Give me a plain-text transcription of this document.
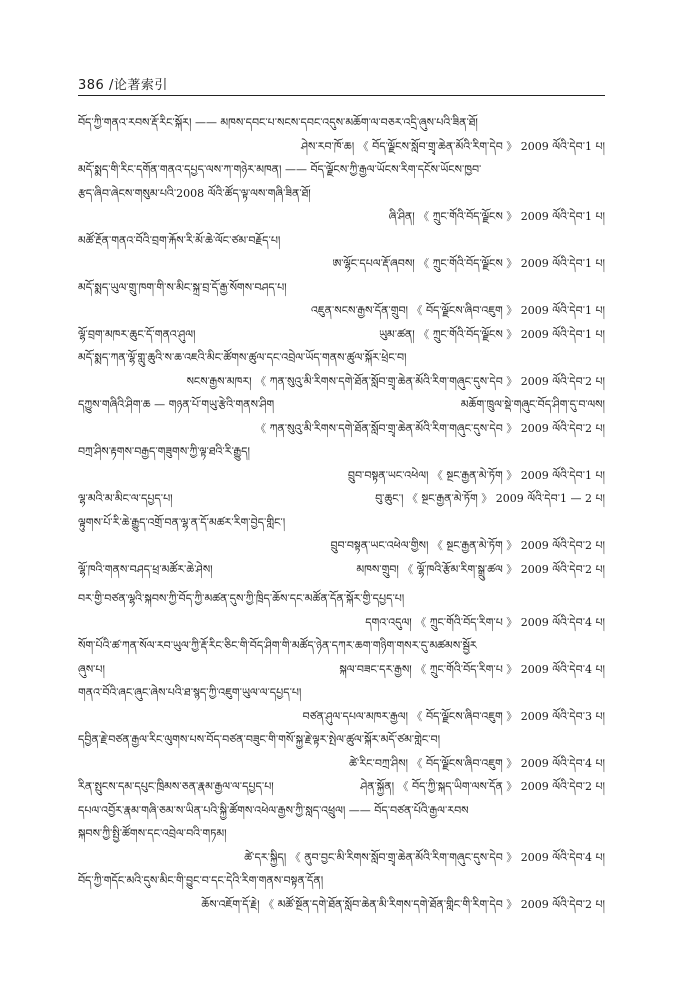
386 /论著索引
བོད་ཀྱི་གནའ་རབས་རྡོ་རིང་སྐོར། —— མཁས་དབང་པ་སངས་དབང་འདུས་མཆོག་ལ་བཅར་འདྲི་ཞུས་པའི་ཟིན་ཐོ།
ཤེས་རབ་ཁོ་ཆ། 《 བོད་ལྗོངས་སློབ་གྲྭ་ཆེན་མོའི་རིག་དེབ 》 2009 ལོའི་དེབ་1 པ།
མདོ་སྨད་གི་རིང་དགོན་གནའ་དཔྱད་ལས་ཀ་གཉེར་མཁན། —— བོད་ལྗོངས་ཀྱི་རྒྱལ་ཡོངས་རིག་དངོས་ཡོངས་ཁྱབ་
རྩད་ཞིབ་ཞེངས་གསུམ་པའི་2008 ལོའི་ཚོད་ལྟ་ལས་གཞི་ཟིན་ཐོ།
ཞི་ཤིན། 《 ཀྲུང་གོའི་བོད་ལྗོངས 》 2009 ལོའི་དེབ་1 པ།
མཚོ་རྔོན་གནའ་བོའི་བྲག་རྐོས་རི་མོ་ཆེ་ལོང་ཙམ་བརྗོད་པ།
ཨ་ལྷོང་དཔལ་རྡོ་ཞབས། 《 ཀྲུང་གོའི་བོད་ལྗོངས 》 2009 ལོའི་དེབ་1 པ།
མདོ་སྨད་ཡུལ་གྲུ་ཁག་གི་ས་མིང་སྐྲ་བྲ་དོ་རྒྱ་སོགས་བཤད་པ།
འཇུན་སངས་རྒྱས་དོན་གྲུབ། 《 བོད་ལྗོངས་ཞིབ་འཇུག 》 2009 ལོའི་དེབ་1 པ།
ལྷོ་བྲག་མཁར་ཆུང་དོ་གནའ་ཤུལ།	ཡུམ་ཚན། 《 ཀྲུང་གོའི་བོད་ལྗོངས 》 2009 ལོའི་དེབ་1 པ།
མདོ་སྨད་ཀན་ལྷོ་གླུ་ཆུའི་ས་ཆ་འཇའི་མིང་ཚོགས་ཚུལ་དང་འབྲེལ་ཡོད་གནས་ཚུལ་སྐོར་ཕྲེང་བ།
སངས་རྒྱས་མཁར། 《 ཀན་སུའུ་མི་རིགས་དགེ་ཐོན་སློབ་གྲྭ་ཆེན་མོའི་རིག་གཞུང་དུས་དེབ 》 2009 ལོའི་དེབ་2 པ།
དཀྱུས་གཞིའི་ཤིག་ཆ — གཉན་པོ་གཡུ་རྩེའི་གནས་ཤིག	མཆོག་ཁྲུལ་སྡེ་གཞུང་བོད་ཤིག་དུ་བ་ལས།
《 ཀན་སུའུ་མི་རིགས་དགེ་ཐོན་སློབ་གྲྭ་ཆེན་མོའི་རིག་གཞུང་དུས་དེབ 》 2009 ལོའི་དེབ་2 པ།
བཀྲ་ཤིས་རྟགས་བརྒྱད་གཟུགས་ཀྱི་ལྟ་ཐའི་རི་རྒྱུད།
བྲུབ་བསྟན་ཡང་འཕེལ། 《 སྔང་རྒྱན་མེ་ཏོག 》 2009 ལོའི་དེབ་1 པ།
ལྷ་མའི་མ་མིང་ལ་དཔྱད་པ།	བུ་ཆུང་། 《 སྔང་རྒྱན་མེ་ཏོག 》 2009 ལོའི་དེབ་1 — 2 པ།
ལྟུགས་པོ་རི་ཆེ་རྒྱུད་འགྲོ་བན་ལྷ་ན་དོ་མཚར་རིག་བྱེད་གླིང་།
བྲུབ་བསྟན་ཡང་འཕེལ་གྱིས། 《 སྔང་རྒྱན་མེ་ཏོག 》 2009 ལོའི་དེབ་2 པ།
ལྷོ་ཁའི་གནས་བཤད་ཕྲ་མཚོར་ཆེ་ཤེས།	མཁས་གྲུབ། 《 ལྷོ་ཁའི་རྩོམ་རིག་སྒྲུ་ཚལ 》 2009 ལོའི་དེབ་2 པ།
བར་གྱི་བཙན་ལྷའི་སྐབས་ཀྱི་བོད་ཀྱི་མཚན་དུས་ཀྱི་ཁྲིད་ཆོས་དང་མཚོན་དོན་སྐོར་གྱི་དཔྱད་པ།
དགའ་འདུལ། 《 ཀྲུང་གོའི་བོད་རིག་པ 》 2009 ལོའི་དེབ་4 པ།
སོག་པོའི་ཚ་ཀན་སོལ་རབ་ཡུལ་ཀྱི་རྡོ་རིང་ཅིང་གི་བོད་ཤིག་གི་མཚོད་ཉེན་དཀར་ཆག་གཉིག་གསར་དུ་མཚམས་སྦྱོར
ཞུས་པ།	སྐལ་བཟང་དར་རྒྱས། 《 ཀྲུང་གོའི་བོད་རིག་པ 》 2009 ལོའི་དེབ་4 པ།
གནའ་བོའི་ཞང་ཞུང་ཞེས་པའི་ཐ་སྙད་ཀྱི་འཇུག་ཡུལ་ལ་དཔྱད་པ།
བཙན་ཤུལ་དཔལ་མཁར་རྒྱལ། 《 བོད་ལྗོངས་ཞིབ་འཇུག 》 2009 ལོའི་དེབ་3 པ།
དབྱིན་རྗེ་བཙན་རྒྱལ་རིང་ལུགས་པས་བོད་བཙན་བཟུང་གི་གསོ་སྐྱ་རྗེ་ལྟར་སྤེལ་ཚུལ་སྐོར་མདོ་ཙམ་གླེང་བ།
ཚེ་རིང་བཀྲ་ཤིས། 《 བོད་ལྗོངས་ཞིབ་འཇུག 》 2009 ལོའི་དེབ་4 པ།
རིན་སྤུངས་དམ་དཔུང་ཁྲིམས་ཅན་རྣམ་རྒྱལ་ལ་དཔྱད་པ།	ཤེན་སྐྱོན། 《 བོད་ཀྱི་སྐད་ཡིག་ལས་དོན 》 2009 ལོའི་དེབ་2 པ།
དཔལ་འབྱོར་རྣམ་གཞི་ཅམ་ས་ཡིན་པའི་སྐྱི་ཚོགས་འཕེལ་རྒྱས་ཀྱི་སླད་འཕྲུལ། —— བོད་བཙན་པོའི་རྒྱལ་རབས
སྐབས་ཀྱི་སྤྱི་ཚོགས་དང་འབྲེལ་བའི་གཏམ།
ཚེ་དར་སྐྱིད། 《 ནུབ་བྱང་མི་རིགས་སློབ་གྲྭ་ཆེན་མོའི་རིག་གཞུང་དུས་དེབ 》 2009 ལོའི་དེབ་4 པ།
བོད་ཀྱི་གདོང་མའི་དུས་མིང་གི་བྱུང་བ་དང་དེའི་རིག་གནས་བསྟན་དོན།
ཆོས་འཇོག་དོ་རྗེ། 《 མཚོ་སྔོན་དགེ་ཐོན་སློབ་ཆེན་མི་རིགས་དགེ་ཐོན་གླིང་གི་རིག་དེབ 》 2009 ལོའི་དེབ་2 པ།
